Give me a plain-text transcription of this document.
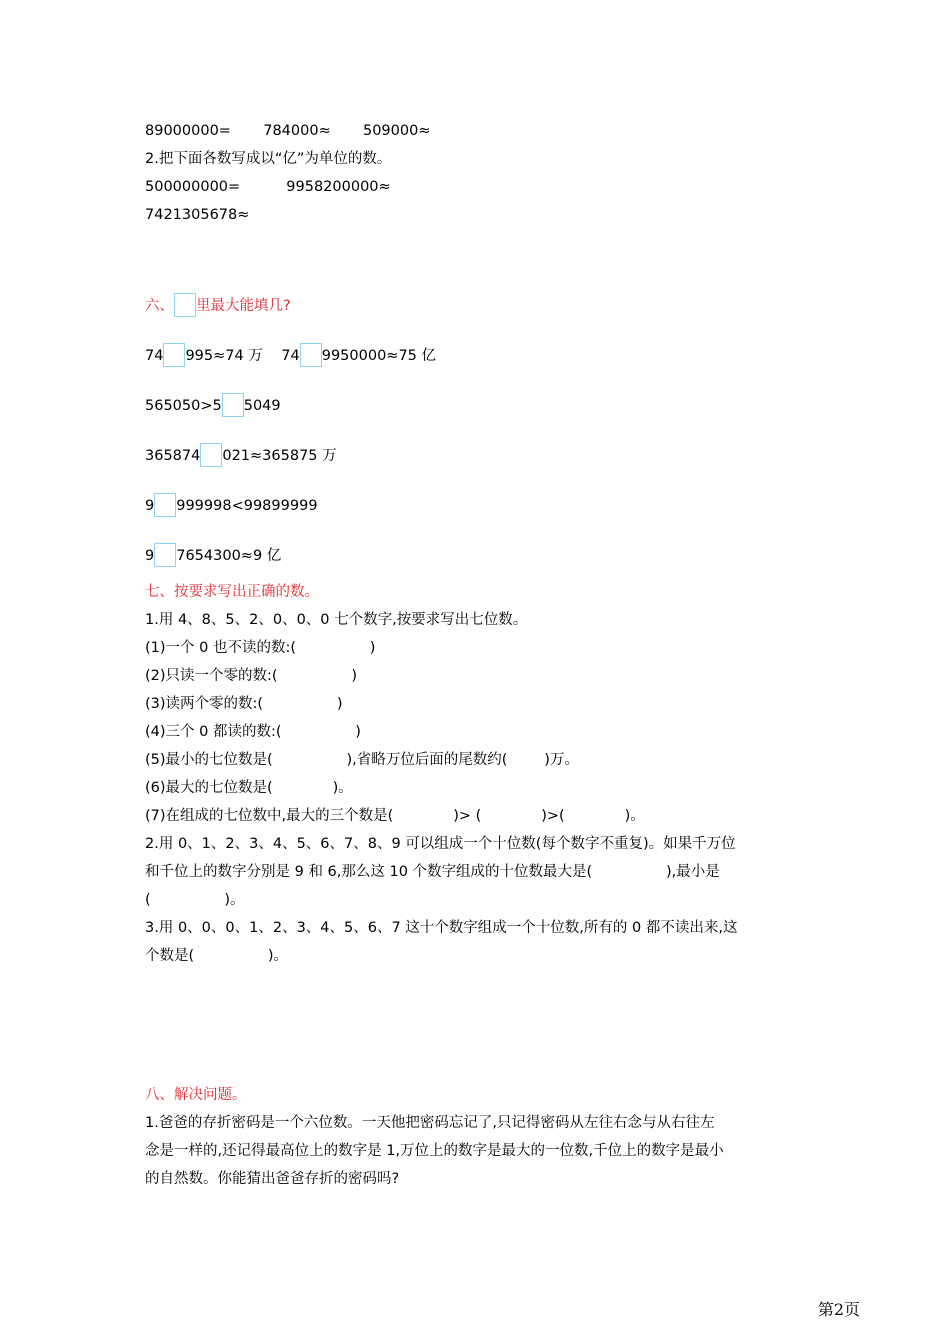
89000000=       784000≈       509000≈
2.把下面各数写成以“亿”为单位的数。
500000000=          9958200000≈
7421305678≈
六、 里最大能填几?
74 995≈74 万    74 9950000≈75 亿
565050>5 5049
365874 021≈365875 万
9 999998<99899999
9 7654300≈9 亿
七、按要求写出正确的数。
1.用 4、8、5、2、0、0、0 七个数字,按要求写出七位数。
(1)一个 0 也不读的数:(                )
(2)只读一个零的数:(                )
(3)读两个零的数:(                )
(4)三个 0 都读的数:(                )
(5)最小的七位数是(                ),省略万位后面的尾数约(        )万。
(6)最大的七位数是(             )。
(7)在组成的七位数中,最大的三个数是(             )> (             )>(             )。
2.用 0、1、2、3、4、5、6、7、8、9 可以组成一个十位数(每个数字不重复)。如果千万位
和千位上的数字分别是 9 和 6,那么这 10 个数字组成的十位数最大是(                ),最小是
(                )。
3.用 0、0、0、1、2、3、4、5、6、7 这十个数字组成一个十位数,所有的 0 都不读出来,这
个数是(                )。
八、解决问题。
1.爸爸的存折密码是一个六位数。一天他把密码忘记了,只记得密码从左往右念与从右往左
念是一样的,还记得最高位上的数字是 1,万位上的数字是最大的一位数,千位上的数字是最小
的自然数。你能猜出爸爸存折的密码吗?
第2页
